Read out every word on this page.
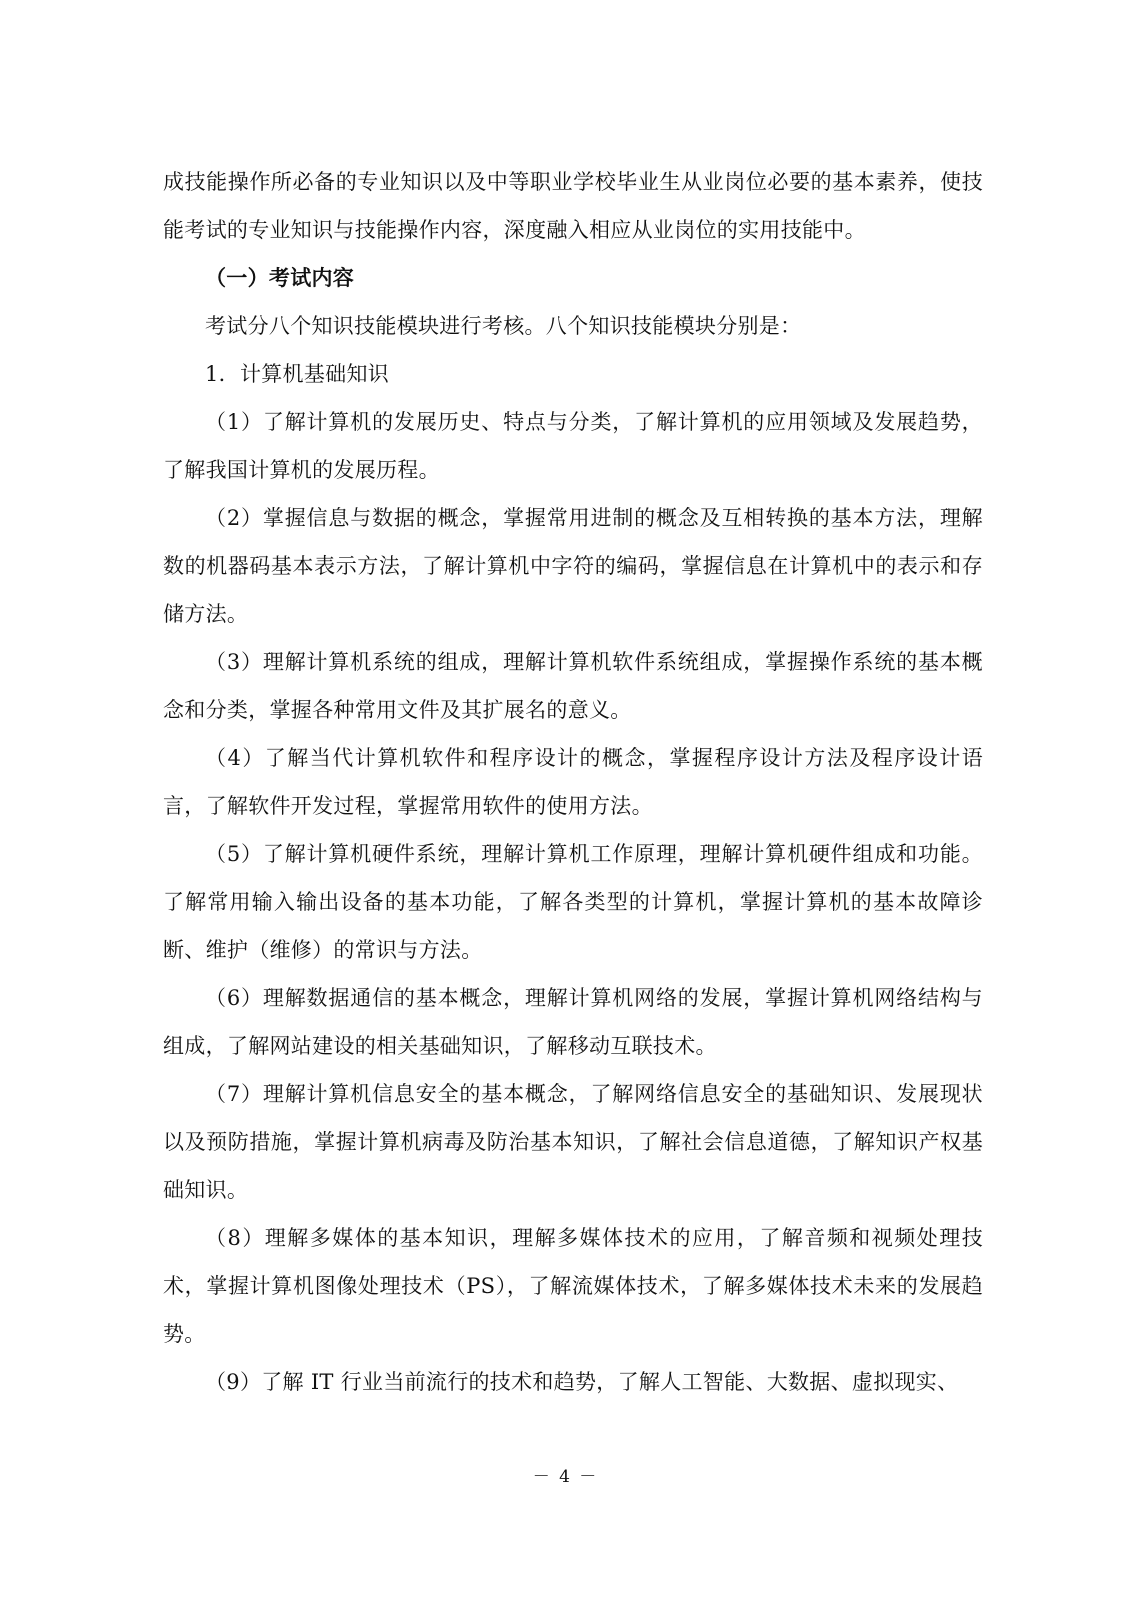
成技能操作所必备的专业知识以及中等职业学校毕业生从业岗位必要的基本素养，使技能考试的专业知识与技能操作内容，深度融入相应从业岗位的实用技能中。

（一）考试内容

考试分八个知识技能模块进行考核。八个知识技能模块分别是：

1．计算机基础知识

（1）了解计算机的发展历史、特点与分类，了解计算机的应用领域及发展趋势，了解我国计算机的发展历程。

（2）掌握信息与数据的概念，掌握常用进制的概念及互相转换的基本方法，理解数的机器码基本表示方法，了解计算机中字符的编码，掌握信息在计算机中的表示和存储方法。

（3）理解计算机系统的组成，理解计算机软件系统组成，掌握操作系统的基本概念和分类，掌握各种常用文件及其扩展名的意义。

（4）了解当代计算机软件和程序设计的概念，掌握程序设计方法及程序设计语言，了解软件开发过程，掌握常用软件的使用方法。

（5）了解计算机硬件系统，理解计算机工作原理，理解计算机硬件组成和功能。了解常用输入输出设备的基本功能，了解各类型的计算机，掌握计算机的基本故障诊断、维护（维修）的常识与方法。

（6）理解数据通信的基本概念，理解计算机网络的发展，掌握计算机网络结构与组成，了解网站建设的相关基础知识，了解移动互联技术。

（7）理解计算机信息安全的基本概念，了解网络信息安全的基础知识、发展现状以及预防措施，掌握计算机病毒及防治基本知识，了解社会信息道德，了解知识产权基础知识。

（8）理解多媒体的基本知识，理解多媒体技术的应用，了解音频和视频处理技术，掌握计算机图像处理技术（PS），了解流媒体技术，了解多媒体技术未来的发展趋势。

（9）了解 IT 行业当前流行的技术和趋势，了解人工智能、大数据、虚拟现实、

－ 4 －
